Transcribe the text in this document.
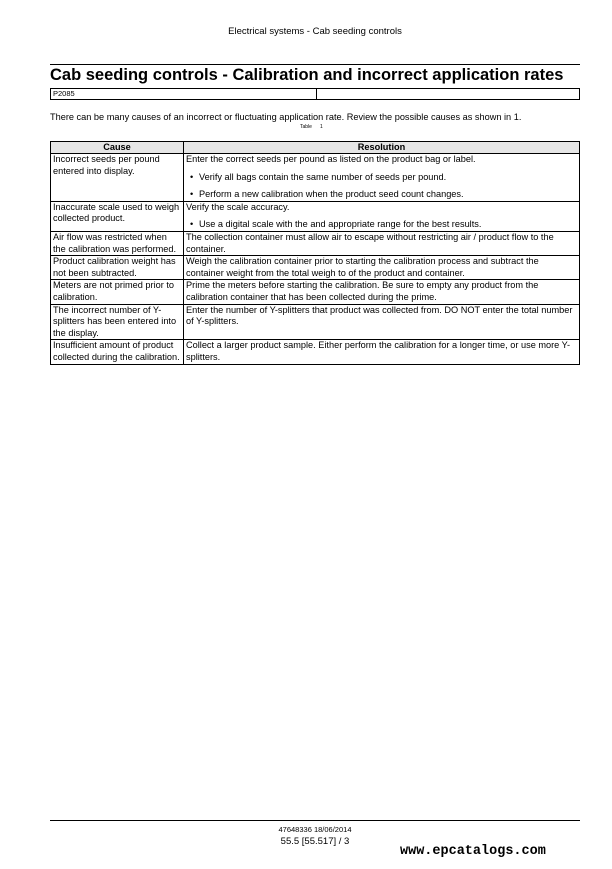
Electrical systems - Cab seeding controls
Cab seeding controls - Calibration and incorrect application rates
P2085
There can be many causes of an incorrect or fluctuating application rate. Review the possible causes as shown in 1.
Table 1
Cause	Resolution
Incorrect seeds per pound entered into display.	Enter the correct seeds per pound as listed on the product bag or label.
• Verify all bags contain the same number of seeds per pound.
• Perform a new calibration when the product seed count changes.

Inaccurate scale used to weigh collected product.	Verify the scale accuracy.
• Use a digital scale with the and appropriate range for the best results.

Air flow was restricted when the calibration was performed.	The collection container must allow air to escape without restricting air / product flow to the container.
Product calibration weight has not been subtracted.	Weigh the calibration container prior to starting the calibration process and subtract the container weight from the total weigh to of the product and container.
Meters are not primed prior to calibration.	Prime the meters before starting the calibration. Be sure to empty any product from the calibration container that has been collected during the prime.
The incorrect number of Y-splitters has been entered into the display.	Enter the number of Y-splitters that product was collected from. DO NOT enter the total number of Y-splitters.
Insufficient amount of product collected during the calibration.	Collect a larger product sample. Either perform the calibration for a longer time, or use more Y-splitters.
47648336 18/06/2014
55.5 [55.517] / 3
www.epcatalogs.com
